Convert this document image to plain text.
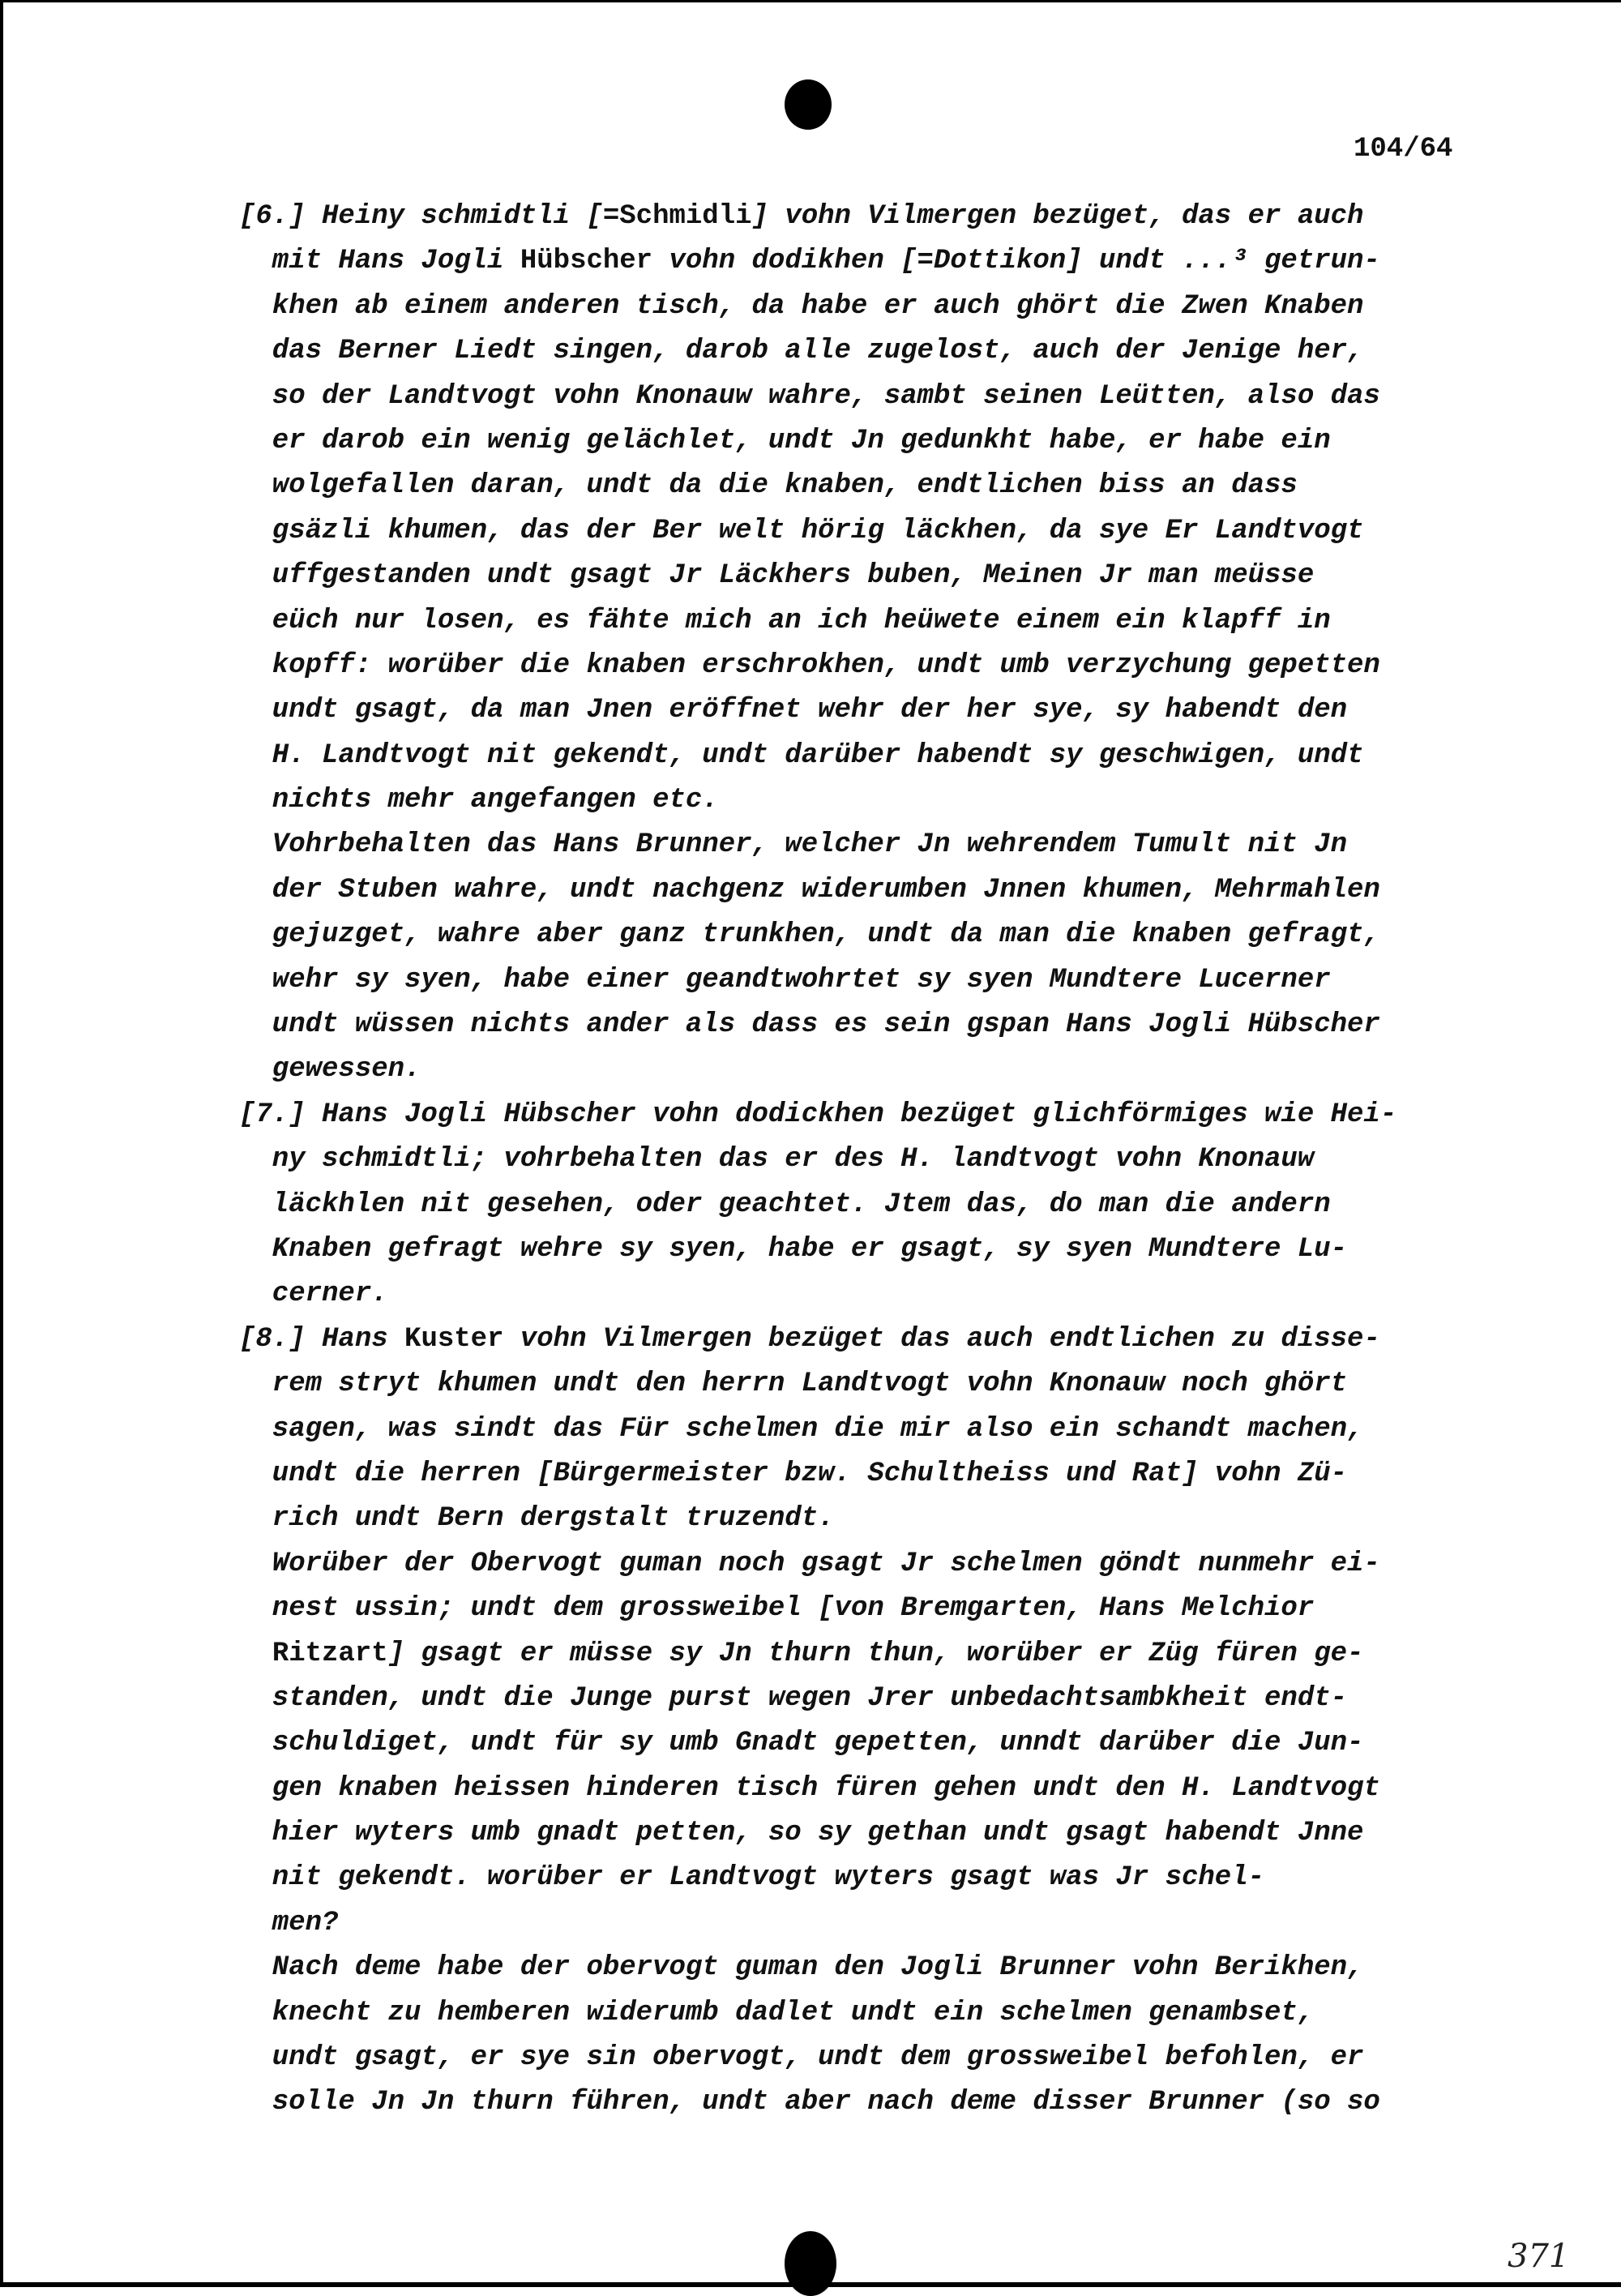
104/64
[6.] Heiny schmidtli [=Schmidli] vohn Vilmergen bezüget, das er auch
mit Hans Jogli Hübscher vohn dodikhen [=Dottikon] undt ...³ getrun-
khen ab einem anderen tisch, da habe er auch ghört die Zwen Knaben
das Berner Liedt singen, darob alle zugelost, auch der Jenige her,
so der Landtvogt vohn Knonauw wahre, sambt seinen Leütten, also das
er darob ein wenig gelächlet, undt Jn gedunkht habe, er habe ein
wolgefallen daran, undt da die knaben, endtlichen biss an dass
gsäzli khumen, das der Ber welt hörig läckhen, da sye Er Landtvogt
uffgestanden undt gsagt Jr Läckhers buben, Meinen Jr man meüsse
eüch nur losen, es fähte mich an ich heüwete einem ein klapff in
kopff: worüber die knaben erschrokhen, undt umb verzychung gepetten
undt gsagt, da man Jnen eröffnet wehr der her sye, sy habendt den
H. Landtvogt nit gekendt, undt darüber habendt sy geschwigen, undt
nichts mehr angefangen etc.
Vohrbehalten das Hans Brunner, welcher Jn wehrendem Tumult nit Jn
der Stuben wahre, undt nachgenz widerumben Jnnen khumen, Mehrmahlen
gejuzget, wahre aber ganz trunkhen, undt da man die knaben gefragt,
wehr sy syen, habe einer geandtwohrtet sy syen Mundtere Lucerner
undt wüssen nichts ander als dass es sein gspan Hans Jogli Hübscher
gewessen.
[7.] Hans Jogli Hübscher vohn dodickhen bezüget glichförmiges wie Hei-
ny schmidtli; vohrbehalten das er des H. landtvogt vohn Knonauw
läckhlen nit gesehen, oder geachtet. Jtem das, do man die andern
Knaben gefragt wehre sy syen, habe er gsagt, sy syen Mundtere Lu-
cerner.
[8.] Hans Kuster vohn Vilmergen bezüget das auch endtlichen zu disse-
rem stryt khumen undt den herrn Landtvogt vohn Knonauw noch ghört
sagen, was sindt das Für schelmen die mir also ein schandt machen,
undt die herren [Bürgermeister bzw. Schultheiss und Rat] vohn Zü-
rich undt Bern dergstalt truzendt.
Worüber der Obervogt guman noch gsagt Jr schelmen göndt nunmehr ei-
nest ussin; undt dem grossweibel [von Bremgarten, Hans Melchior
Ritzart] gsagt er müsse sy Jn thurn thun, worüber er Züg füren ge-
standen, undt die Junge purst wegen Jrer unbedachtsambkheit endt-
schuldiget, undt für sy umb Gnadt gepetten, unndt darüber die Jun-
gen knaben heissen hinderen tisch füren gehen undt den H. Landtvogt
hier wyters umb gnadt petten, so sy gethan undt gsagt habendt Jnne
nit gekendt. worüber er Landtvogt wyters gsagt was Jr schel-
men?
Nach deme habe der obervogt guman den Jogli Brunner vohn Berikhen,
knecht zu hemberen widerumb dadlet undt ein schelmen genambset,
undt gsagt, er sye sin obervogt, undt dem grossweibel befohlen, er
solle Jn Jn thurn führen, undt aber nach deme disser Brunner (so so
371
